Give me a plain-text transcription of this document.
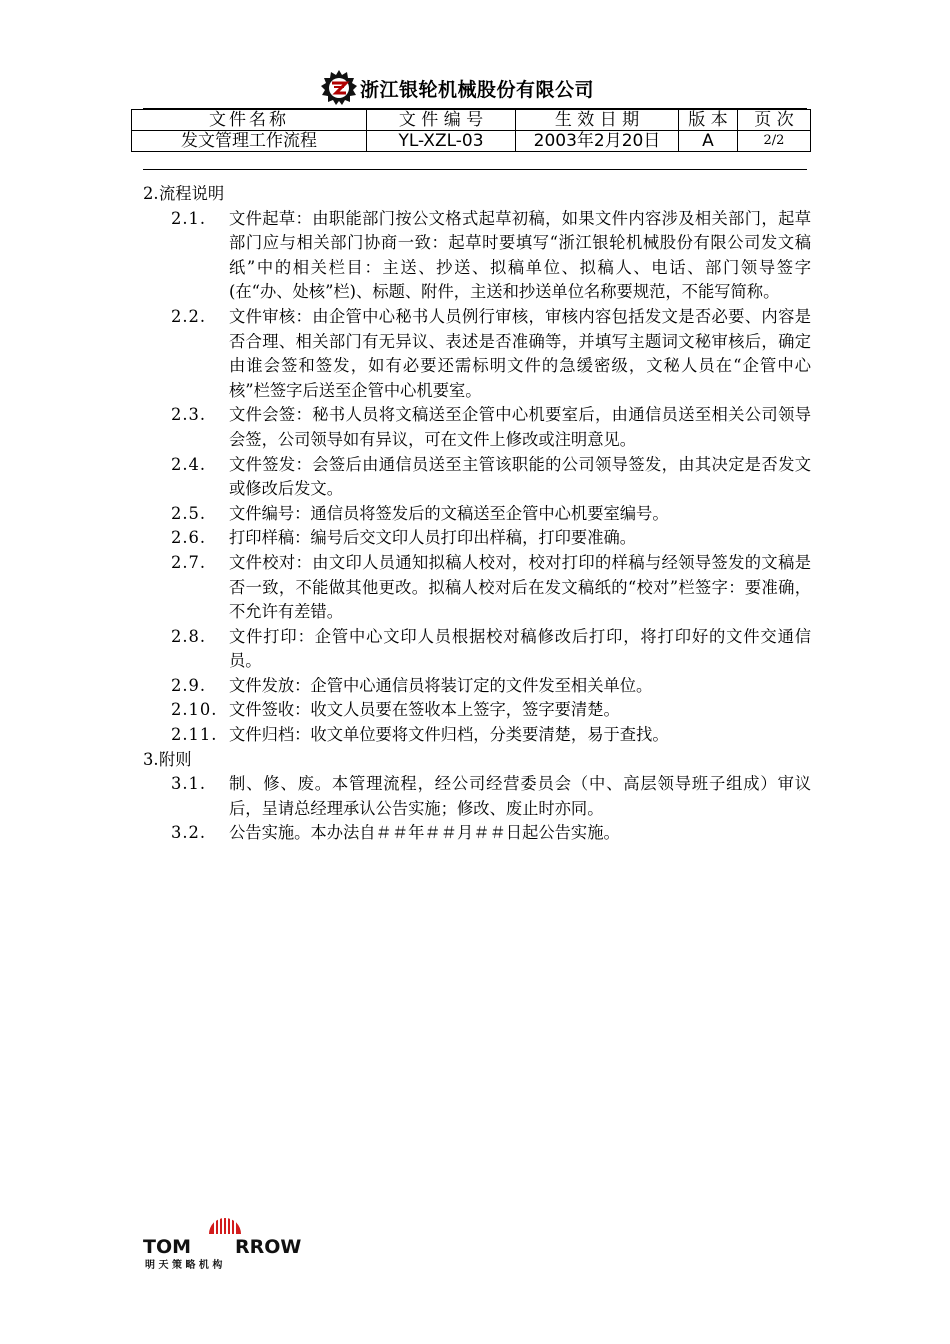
浙江银轮机械股份有限公司
文件名称	文 件 编 号	生 效 日 期	版 本	页 次
发文管理工作流程	YL-XZL-03	2003年2月20日	A	2/2
2.流程说明
2.1.	文件起草：由职能部门按公文格式起草初稿，如果文件内容涉及相关部门，起草部门应与相关部门协商一致：起草时要填写“浙江银轮机械股份有限公司发文稿纸”中的相关栏目：主送、抄送、拟稿单位、拟稿人、电话、部门领导签字(在“办、处核”栏)、标题、附件，主送和抄送单位名称要规范，不能写简称。
2.2.	文件审核：由企管中心秘书人员例行审核，审核内容包括发文是否必要、内容是否合理、相关部门有无异议、表述是否准确等，并填写主题词文秘审核后，确定由谁会签和签发，如有必要还需标明文件的急缓密级，文秘人员在“企管中心核”栏签字后送至企管中心机要室。
2.3.	文件会签：秘书人员将文稿送至企管中心机要室后，由通信员送至相关公司领导会签，公司领导如有异议，可在文件上修改或注明意见。
2.4.	文件签发：会签后由通信员送至主管该职能的公司领导签发，由其决定是否发文或修改后发文。
2.5.	文件编号：通信员将签发后的文稿送至企管中心机要室编号。
2.6.	打印样稿：编号后交文印人员打印出样稿，打印要准确。
2.7.	文件校对：由文印人员通知拟稿人校对，校对打印的样稿与经领导签发的文稿是否一致，不能做其他更改。拟稿人校对后在发文稿纸的“校对”栏签字：要准确，不允许有差错。
2.8.	文件打印：企管中心文印人员根据校对稿修改后打印，将打印好的文件交通信员。
2.9.	文件发放：企管中心通信员将装订定的文件发至相关单位。
2.10. 文件签收：收文人员要在签收本上签字，签字要清楚。
2.11. 文件归档：收文单位要将文件归档，分类要清楚，易于查找。
3.附则
3.1.	制、修、废。本管理流程，经公司经营委员会（中、高层领导班子组成）审议后，呈请总经理承认公告实施；修改、废止时亦同。
3.2.	公告实施。本办法自＃＃年＃＃月＃＃日起公告实施。
TOM RROW
明 天 策 略 机 构
